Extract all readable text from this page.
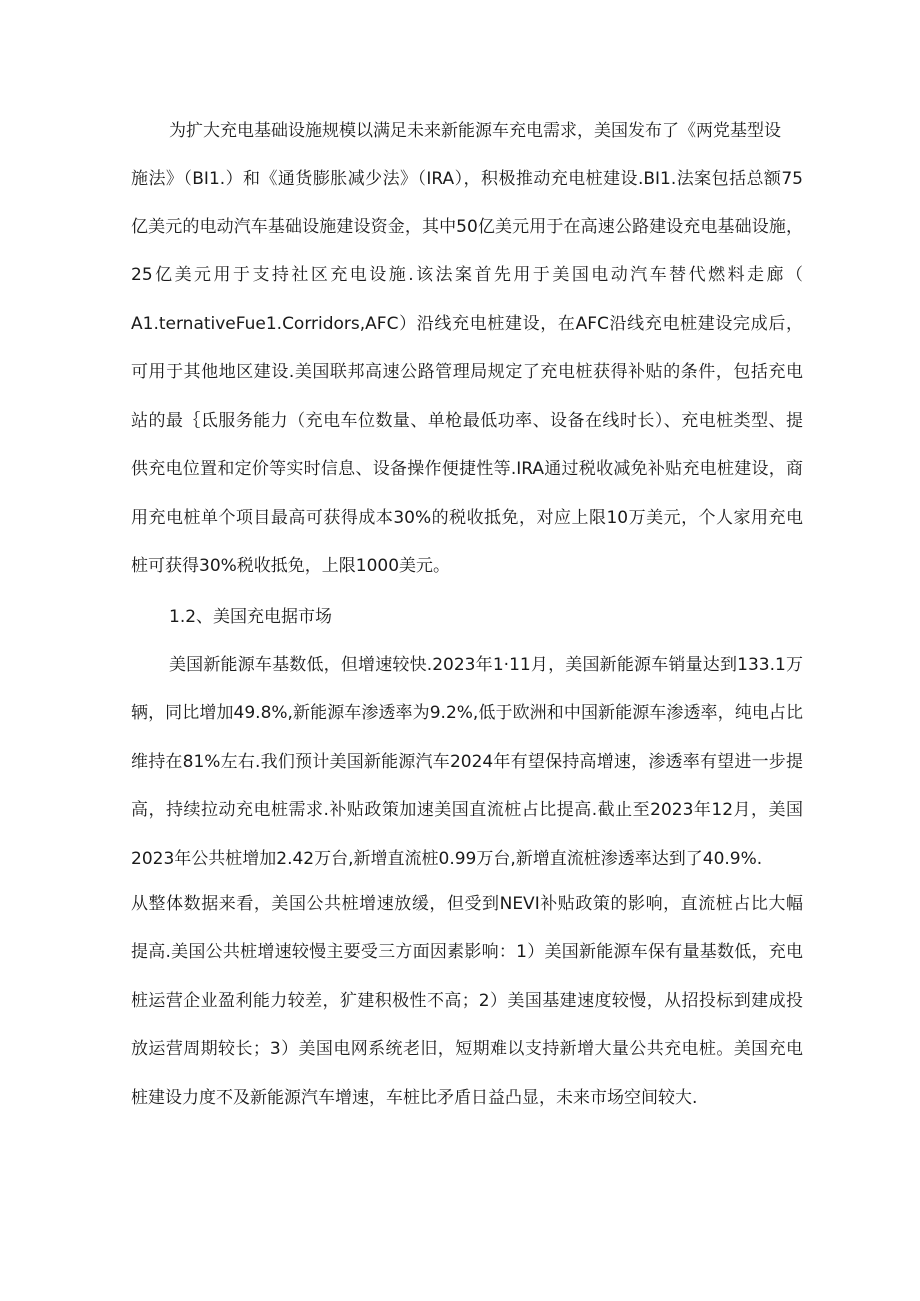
为扩大充电基础设施规模以满足未来新能源车充电需求，美国发布了《两党基型设
施法》（BI1.）和《通货膨胀减少法》（IRA），积极推动充电桩建设.BI1.法案包括总额75
亿美元的电动汽车基础设施建设资金，其中50亿美元用于在高速公路建设充电基础设施，
25亿美元用于支持社区充电设施.该法案首先用于美国电动汽车替代燃料走廊（
A1.ternativeFue1.Corridors,AFC）沿线充电桩建设，在AFC沿线充电桩建设完成后，
可用于其他地区建设.美国联邦高速公路管理局规定了充电桩获得补贴的条件，包括充电
站的最｛氐服务能力（充电车位数量、单枪最低功率、设备在线时长）、充电桩类型、提
供充电位置和定价等实时信息、设备操作便捷性等.IRA通过税收减免补贴充电桩建设，商
用充电桩单个项目最高可获得成本30%的税收抵免，对应上限10万美元，个人家用充电
桩可获得30%税收抵免，上限1000美元。
1.2、美国充电据市场
美国新能源车基数低，但增速较快.2023年1·11月，美国新能源车销量达到133.1万
辆，同比增加49.8%,新能源车渗透率为9.2%,低于欧洲和中国新能源车渗透率，纯电占比
维持在81%左右.我们预计美国新能源汽车2024年有望保持高增速，渗透率有望进一步提
高，持续拉动充电桩需求.补贴政策加速美国直流桩占比提高.截止至2023年12月，美国
2023年公共桩增加2.42万台,新增直流桩0.99万台,新增直流桩渗透率达到了40.9%.
从整体数据来看，美国公共桩增速放缓，但受到NEVI补贴政策的影响，直流桩占比大幅
提高.美国公共桩增速较慢主要受三方面因素影响：1）美国新能源车保有量基数低，充电
桩运营企业盈利能力较差，犷建积极性不高；2）美国基建速度较慢，从招投标到建成投
放运营周期较长；3）美国电网系统老旧，短期难以支持新增大量公共充电桩。美国充电
桩建设力度不及新能源汽车增速，车桩比矛盾日益凸显，未来市场空间较大.
